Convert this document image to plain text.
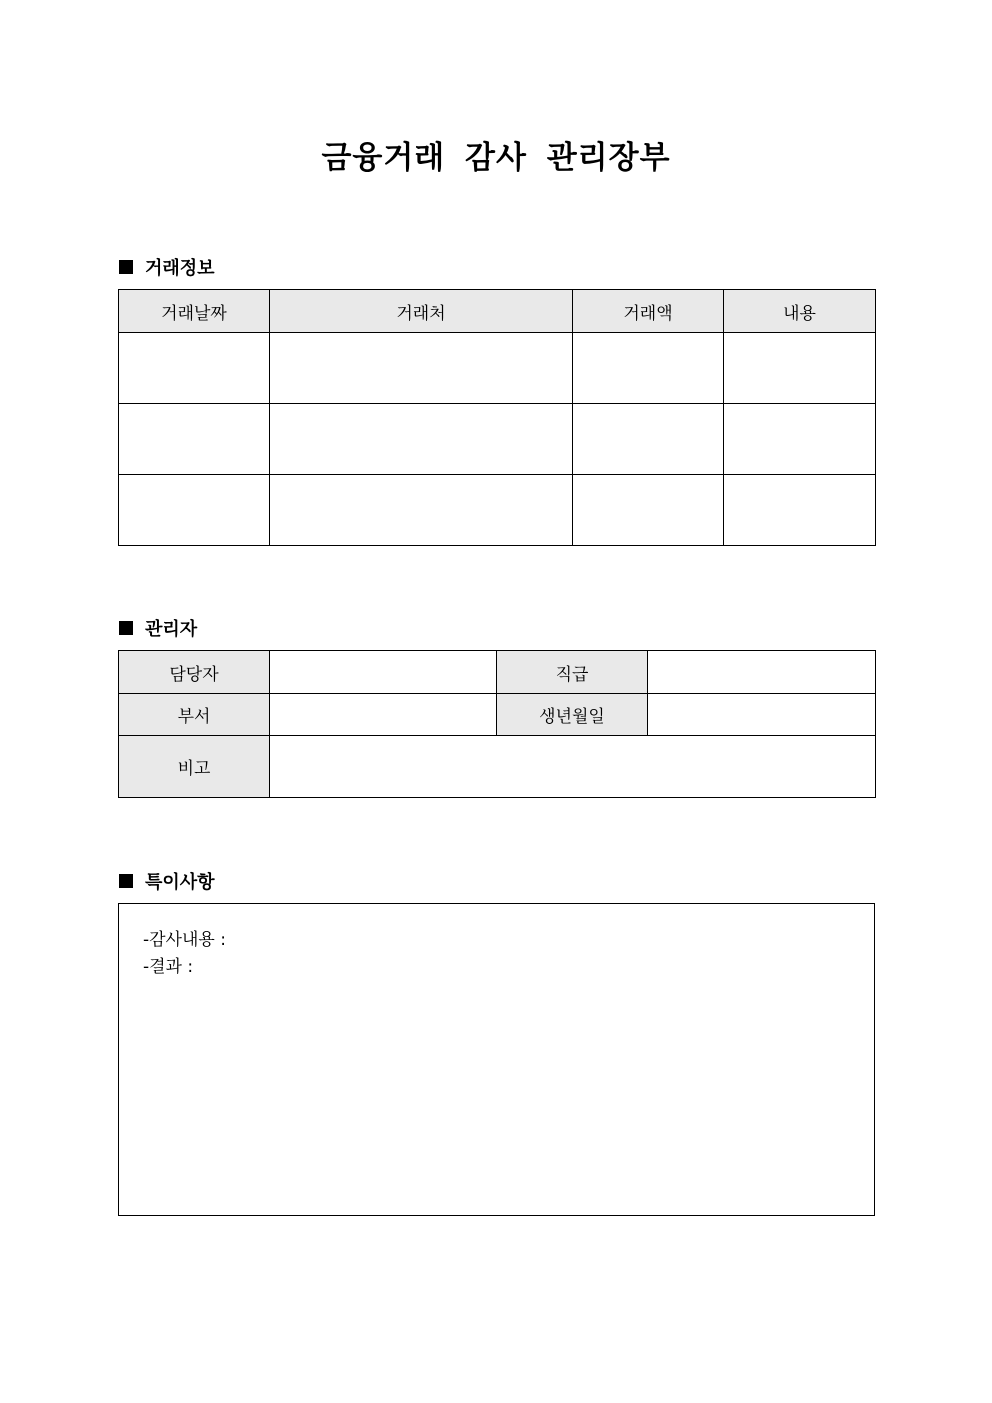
금융거래 감사 관리장부
거래정보
거래날짜	거래처	거래액	내용

관리자
담당자		직급	
부서		생년월일	
비고			
특이사항
-감사내용 :
-결과 :
